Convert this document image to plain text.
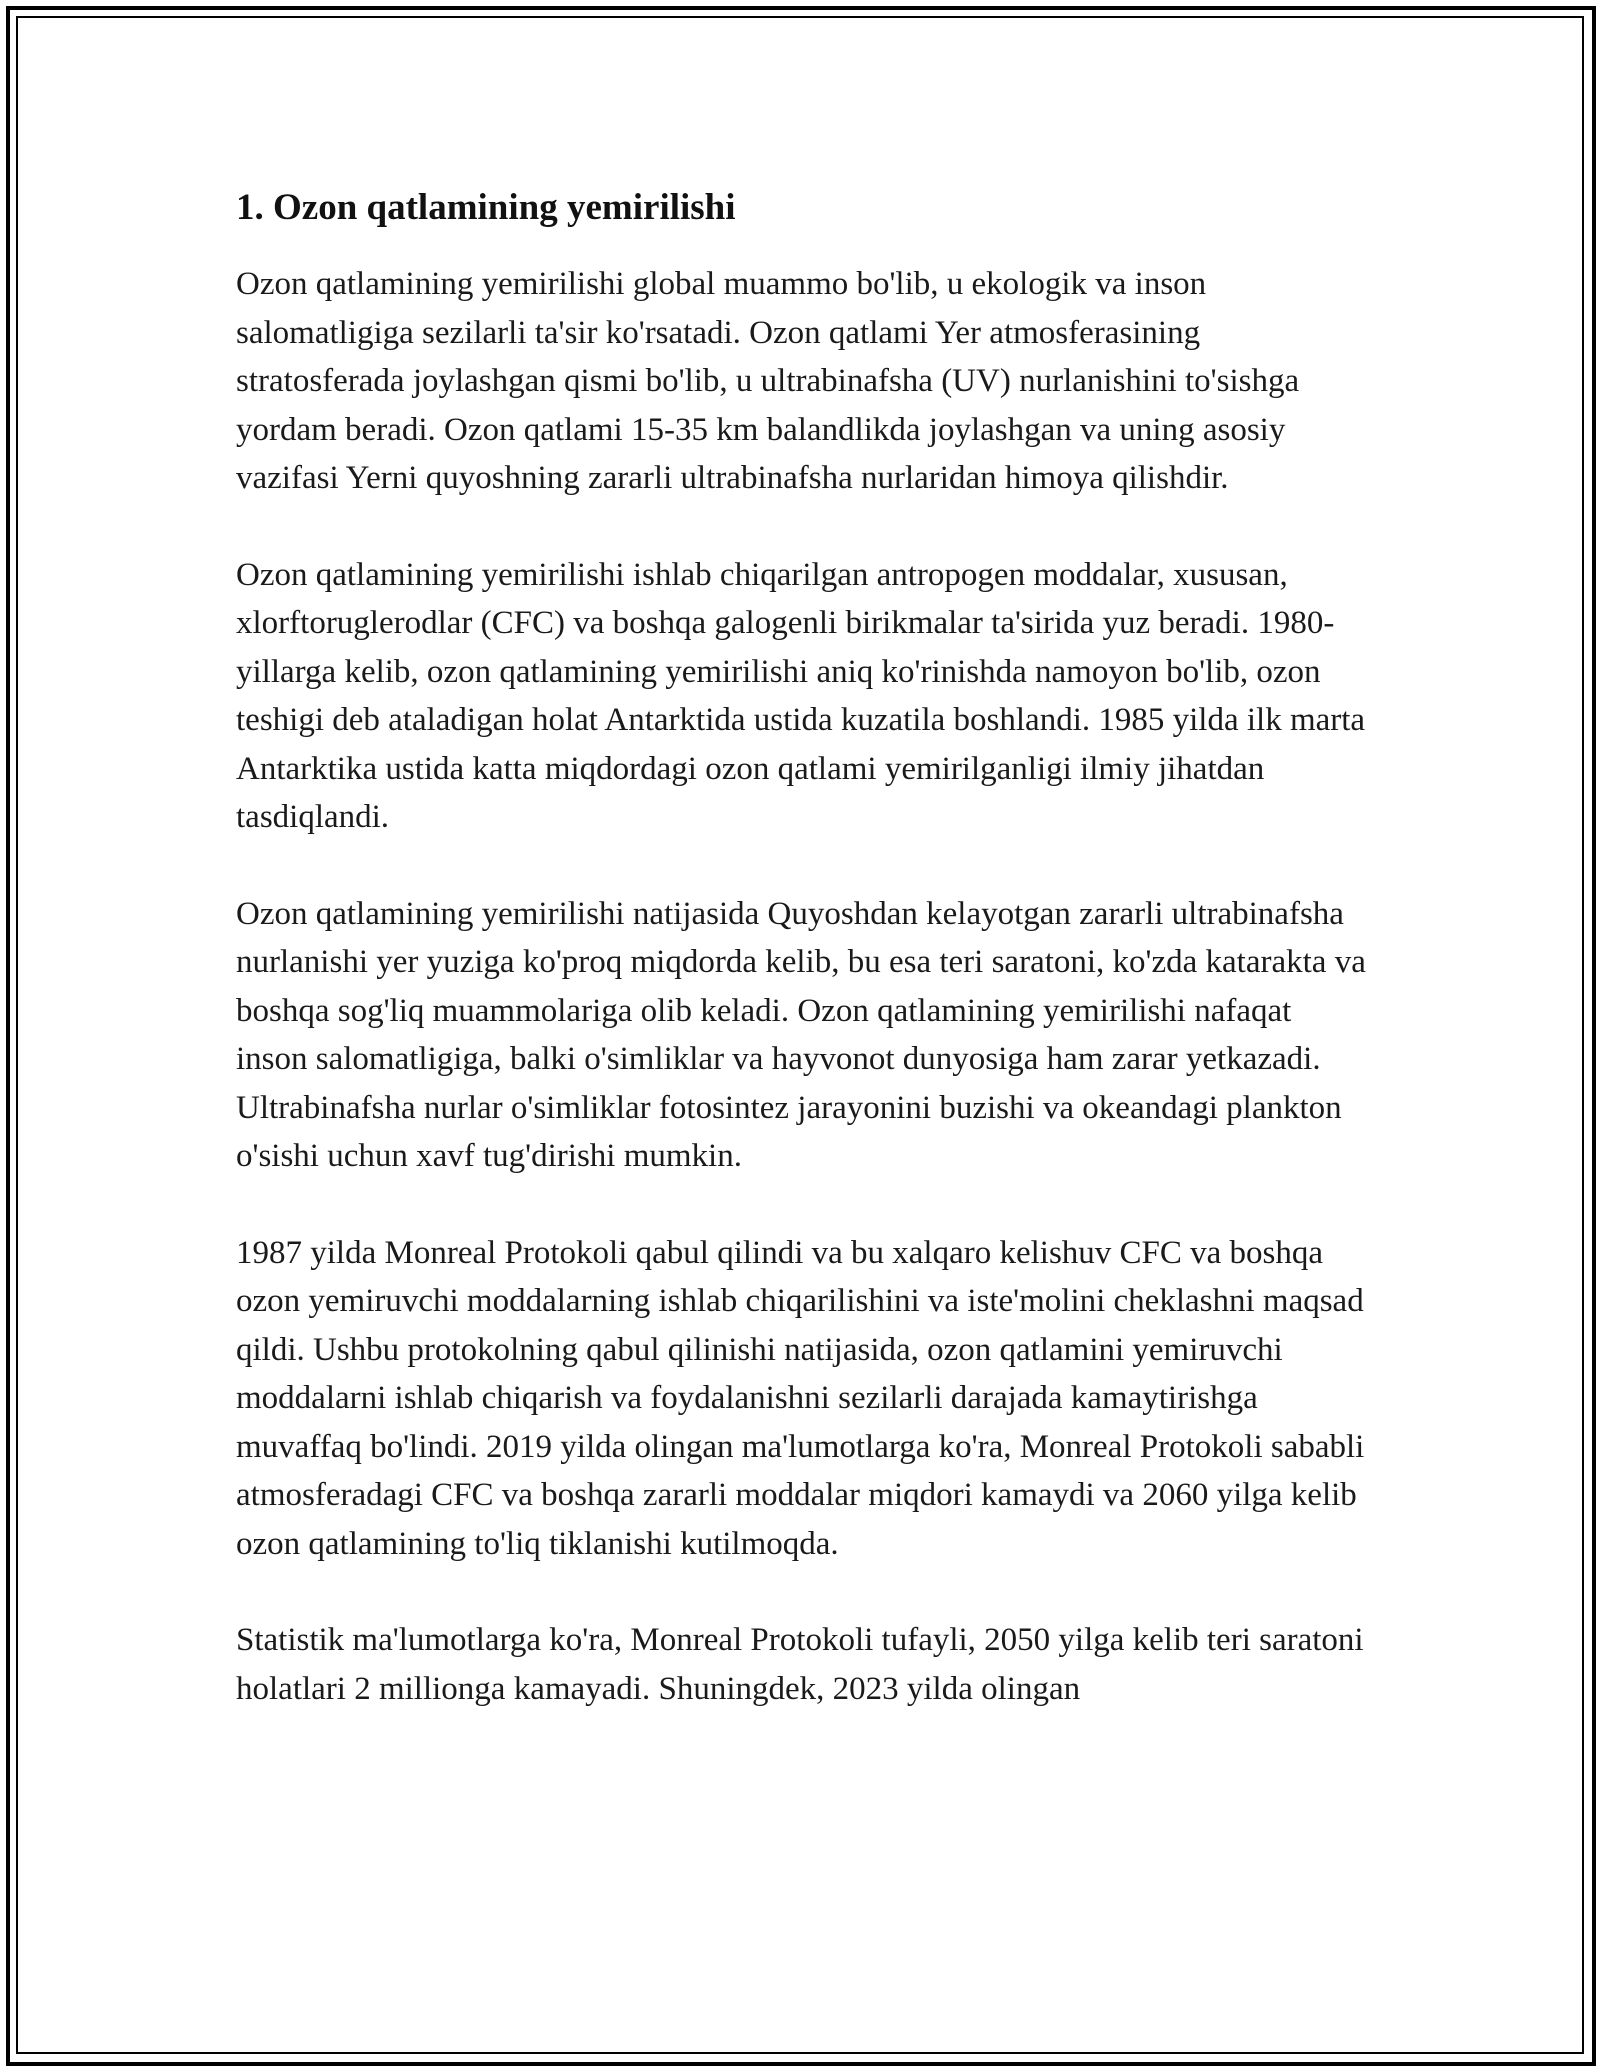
1. Ozon qatlamining yemirilishi

Ozon qatlamining yemirilishi global muammo bo'lib, u ekologik va inson salomatligiga sezilarli ta'sir ko'rsatadi. Ozon qatlami Yer atmosferasining stratosferada joylashgan qismi bo'lib, u ultrabinafsha (UV) nurlanishini to'sishga yordam beradi. Ozon qatlami 15-35 km balandlikda joylashgan va uning asosiy vazifasi Yerni quyoshning zararli ultrabinafsha nurlaridan himoya qilishdir.

Ozon qatlamining yemirilishi ishlab chiqarilgan antropogen moddalar, xususan, xlorftoruglerodlar (CFC) va boshqa galogenli birikmalar ta'sirida yuz beradi. 1980-yillarga kelib, ozon qatlamining yemirilishi aniq ko'rinishda namoyon bo'lib, ozon teshigi deb ataladigan holat Antarktida ustida kuzatila boshlandi. 1985 yilda ilk marta Antarktika ustida katta miqdordagi ozon qatlami yemirilganligi ilmiy jihatdan tasdiqlandi.

Ozon qatlamining yemirilishi natijasida Quyoshdan kelayotgan zararli ultrabinafsha nurlanishi yer yuziga ko'proq miqdorda kelib, bu esa teri saratoni, ko'zda katarakta va boshqa sog'liq muammolariga olib keladi. Ozon qatlamining yemirilishi nafaqat inson salomatligiga, balki o'simliklar va hayvonot dunyosiga ham zarar yetkazadi. Ultrabinafsha nurlar o'simliklar fotosintez jarayonini buzishi va okeandagi plankton o'sishi uchun xavf tug'dirishi mumkin.

1987 yilda Monreal Protokoli qabul qilindi va bu xalqaro kelishuv CFC va boshqa ozon yemiruvchi moddalarning ishlab chiqarilishini va iste'molini cheklashni maqsad qildi. Ushbu protokolning qabul qilinishi natijasida, ozon qatlamini yemiruvchi moddalarni ishlab chiqarish va foydalanishni sezilarli darajada kamaytirishga muvaffaq bo'lindi. 2019 yilda olingan ma'lumotlarga ko'ra, Monreal Protokoli sababli atmosferadagi CFC va boshqa zararli moddalar miqdori kamaydi va 2060 yilga kelib ozon qatlamining to'liq tiklanishi kutilmoqda.

Statistik ma'lumotlarga ko'ra, Monreal Protokoli tufayli, 2050 yilga kelib teri saratoni holatlari 2 millionga kamayadi. Shuningdek, 2023 yilda olingan
